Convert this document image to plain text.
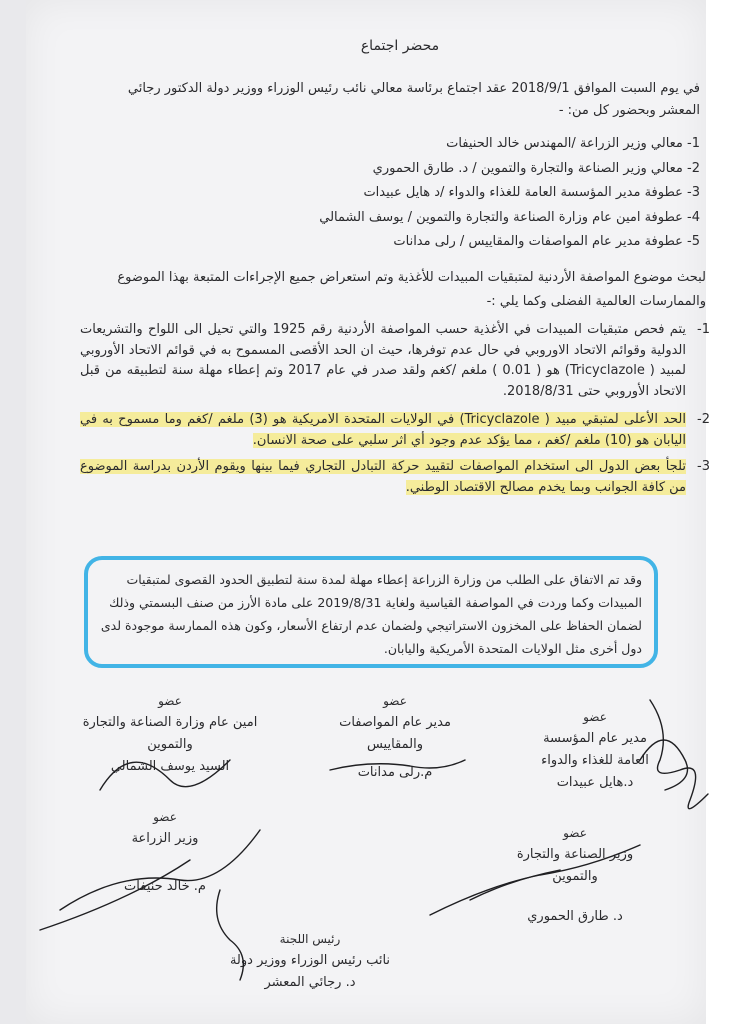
محضر اجتماع
في يوم السبت الموافق 2018/9/1 عقد اجتماع برئاسة معالي نائب رئيس الوزراء ووزير دولة الدكتور رجائي المعشر وبحضور كل من: -
1- معالي وزير الزراعة /المهندس خالد الحنيفات
2- معالي وزير الصناعة والتجارة والتموين / د. طارق الحموري
3- عطوفة مدير المؤسسة العامة للغذاء والدواء /د هايل عبيدات
4- عطوفة امين عام وزارة الصناعة والتجارة والتموين / يوسف الشمالي
5- عطوفة مدير عام المواصفات والمقاييس / رلى مدانات
لبحث موضوع المواصفة الأردنية لمتبقيات المبيدات للأغذية وتم استعراض جميع الإجراءات المتبعة بهذا الموضوع والممارسات العالمية الفضلى وكما يلي :-
1-
يتم فحص متبقيات المبيدات في الأغذية حسب المواصفة الأردنية رقم 1925 والتي تحيل الى اللواح والتشريعات الدولية وقوائم الاتحاد الاوروبي في حال عدم توفرها، حيث ان الحد الأقصى المسموح به في قوائم الاتحاد الأوروبي لمبيد ( Tricyclazole) هو ( 0.01 ) ملغم /كغم ولقد صدر في عام 2017 وتم إعطاء مهلة سنة لتطبيقه من قبل الاتحاد الأوروبي حتى 2018/8/31.
2-
الحد الأعلى لمتبقي مبيد ( Tricyclazole) في الولايات المتحدة الامريكية هو (3) ملغم /كغم وما مسموح به في اليابان هو (10) ملغم /كغم ، مما يؤكد عدم وجود أي اثر سلبي على صحة الانسان.
3-
تلجأ بعض الدول الى استخدام المواصفات لتقييد حركة التبادل التجاري فيما بينها ويقوم الأردن بدراسة الموضوع من كافة الجوانب وبما يخدم مصالح الاقتصاد الوطني.
وقد تم الاتفاق على الطلب من وزارة الزراعة إعطاء مهلة لمدة سنة لتطبيق الحدود القصوى لمتبقيات المبيدات وكما وردت في المواصفة القياسية ولغاية 2019/8/31 على مادة الأرز من صنف البسمتي وذلك لضمان الحفاظ على المخزون الاستراتيجي ولضمان عدم ارتفاع الأسعار، وكون هذه الممارسة موجودة لدى دول أخرى مثل الولايات المتحدة الأمريكية واليابان.
عضو
مدير عام المؤسسة
العامة للغذاء والدواء
د.هايل عبيدات
عضو
مدير عام المواصفات
والمقاييس
م.رلى مدانات
عضو
امين عام وزارة الصناعة والتجارة
والتموين
السيد يوسف الشمالي
عضو
وزير الصناعة والتجارة
والتموين
د. طارق الحموري
عضو
وزير الزراعة
م. خالد حنيفات
رئيس اللجنة
نائب رئيس الوزراء ووزير دولة
د. رجائي المعشر
